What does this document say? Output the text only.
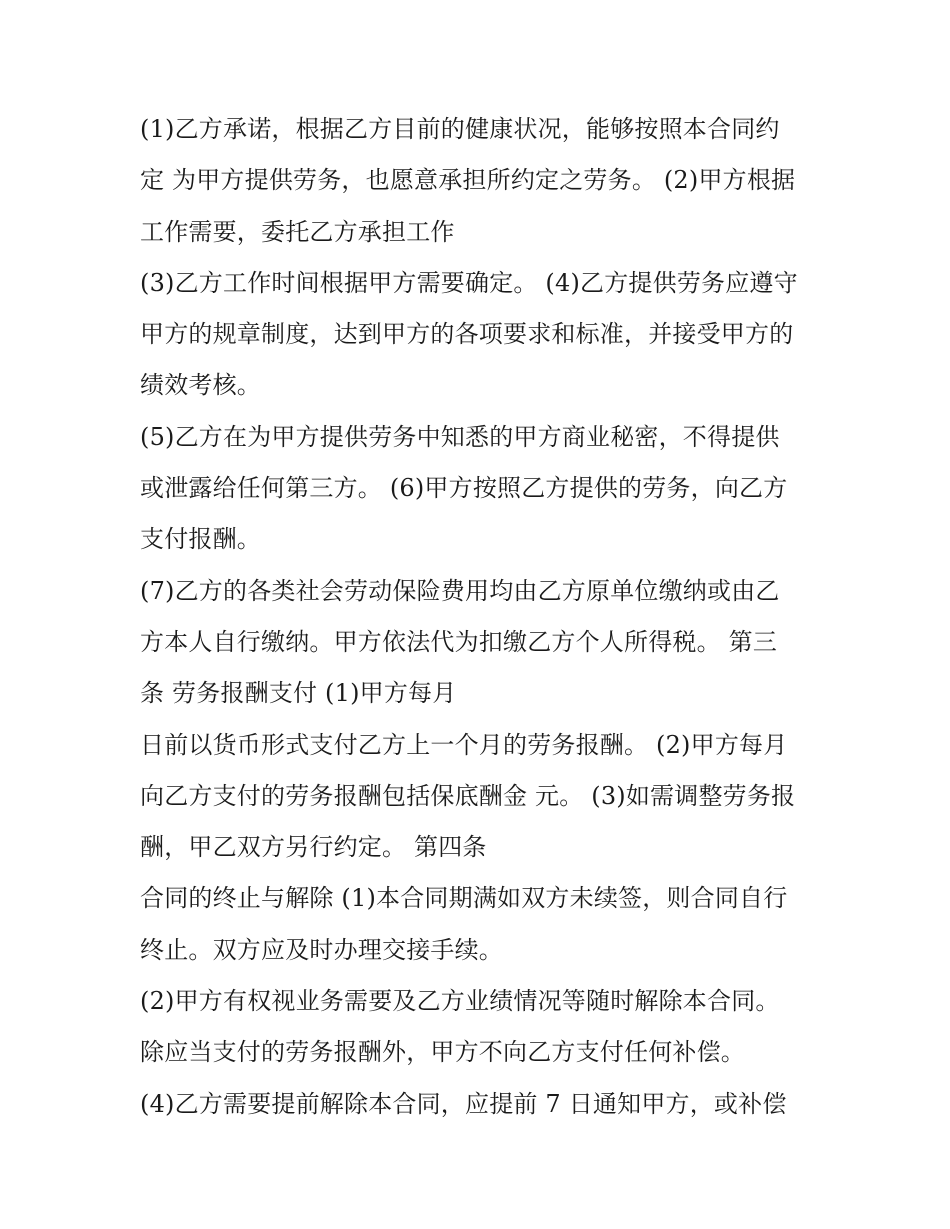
(1)乙方承诺，根据乙方目前的健康状况，能够按照本合同约
定 为甲方提供劳务，也愿意承担所约定之劳务。 (2)甲方根据
工作需要，委托乙方承担工作
(3)乙方工作时间根据甲方需要确定。 (4)乙方提供劳务应遵守
甲方的规章制度，达到甲方的各项要求和标准，并接受甲方的
绩效考核。
(5)乙方在为甲方提供劳务中知悉的甲方商业秘密，不得提供
或泄露给任何第三方。 (6)甲方按照乙方提供的劳务，向乙方
支付报酬。
(7)乙方的各类社会劳动保险费用均由乙方原单位缴纳或由乙
方本人自行缴纳。甲方依法代为扣缴乙方个人所得税。 第三
条 劳务报酬支付 (1)甲方每月
日前以货币形式支付乙方上一个月的劳务报酬。 (2)甲方每月
向乙方支付的劳务报酬包括保底酬金 元。 (3)如需调整劳务报
酬，甲乙双方另行约定。 第四条
合同的终止与解除 (1)本合同期满如双方未续签，则合同自行
终止。双方应及时办理交接手续。
(2)甲方有权视业务需要及乙方业绩情况等随时解除本合同。
除应当支付的劳务报酬外，甲方不向乙方支付任何补偿。
(4)乙方需要提前解除本合同，应提前 7 日通知甲方，或补偿
